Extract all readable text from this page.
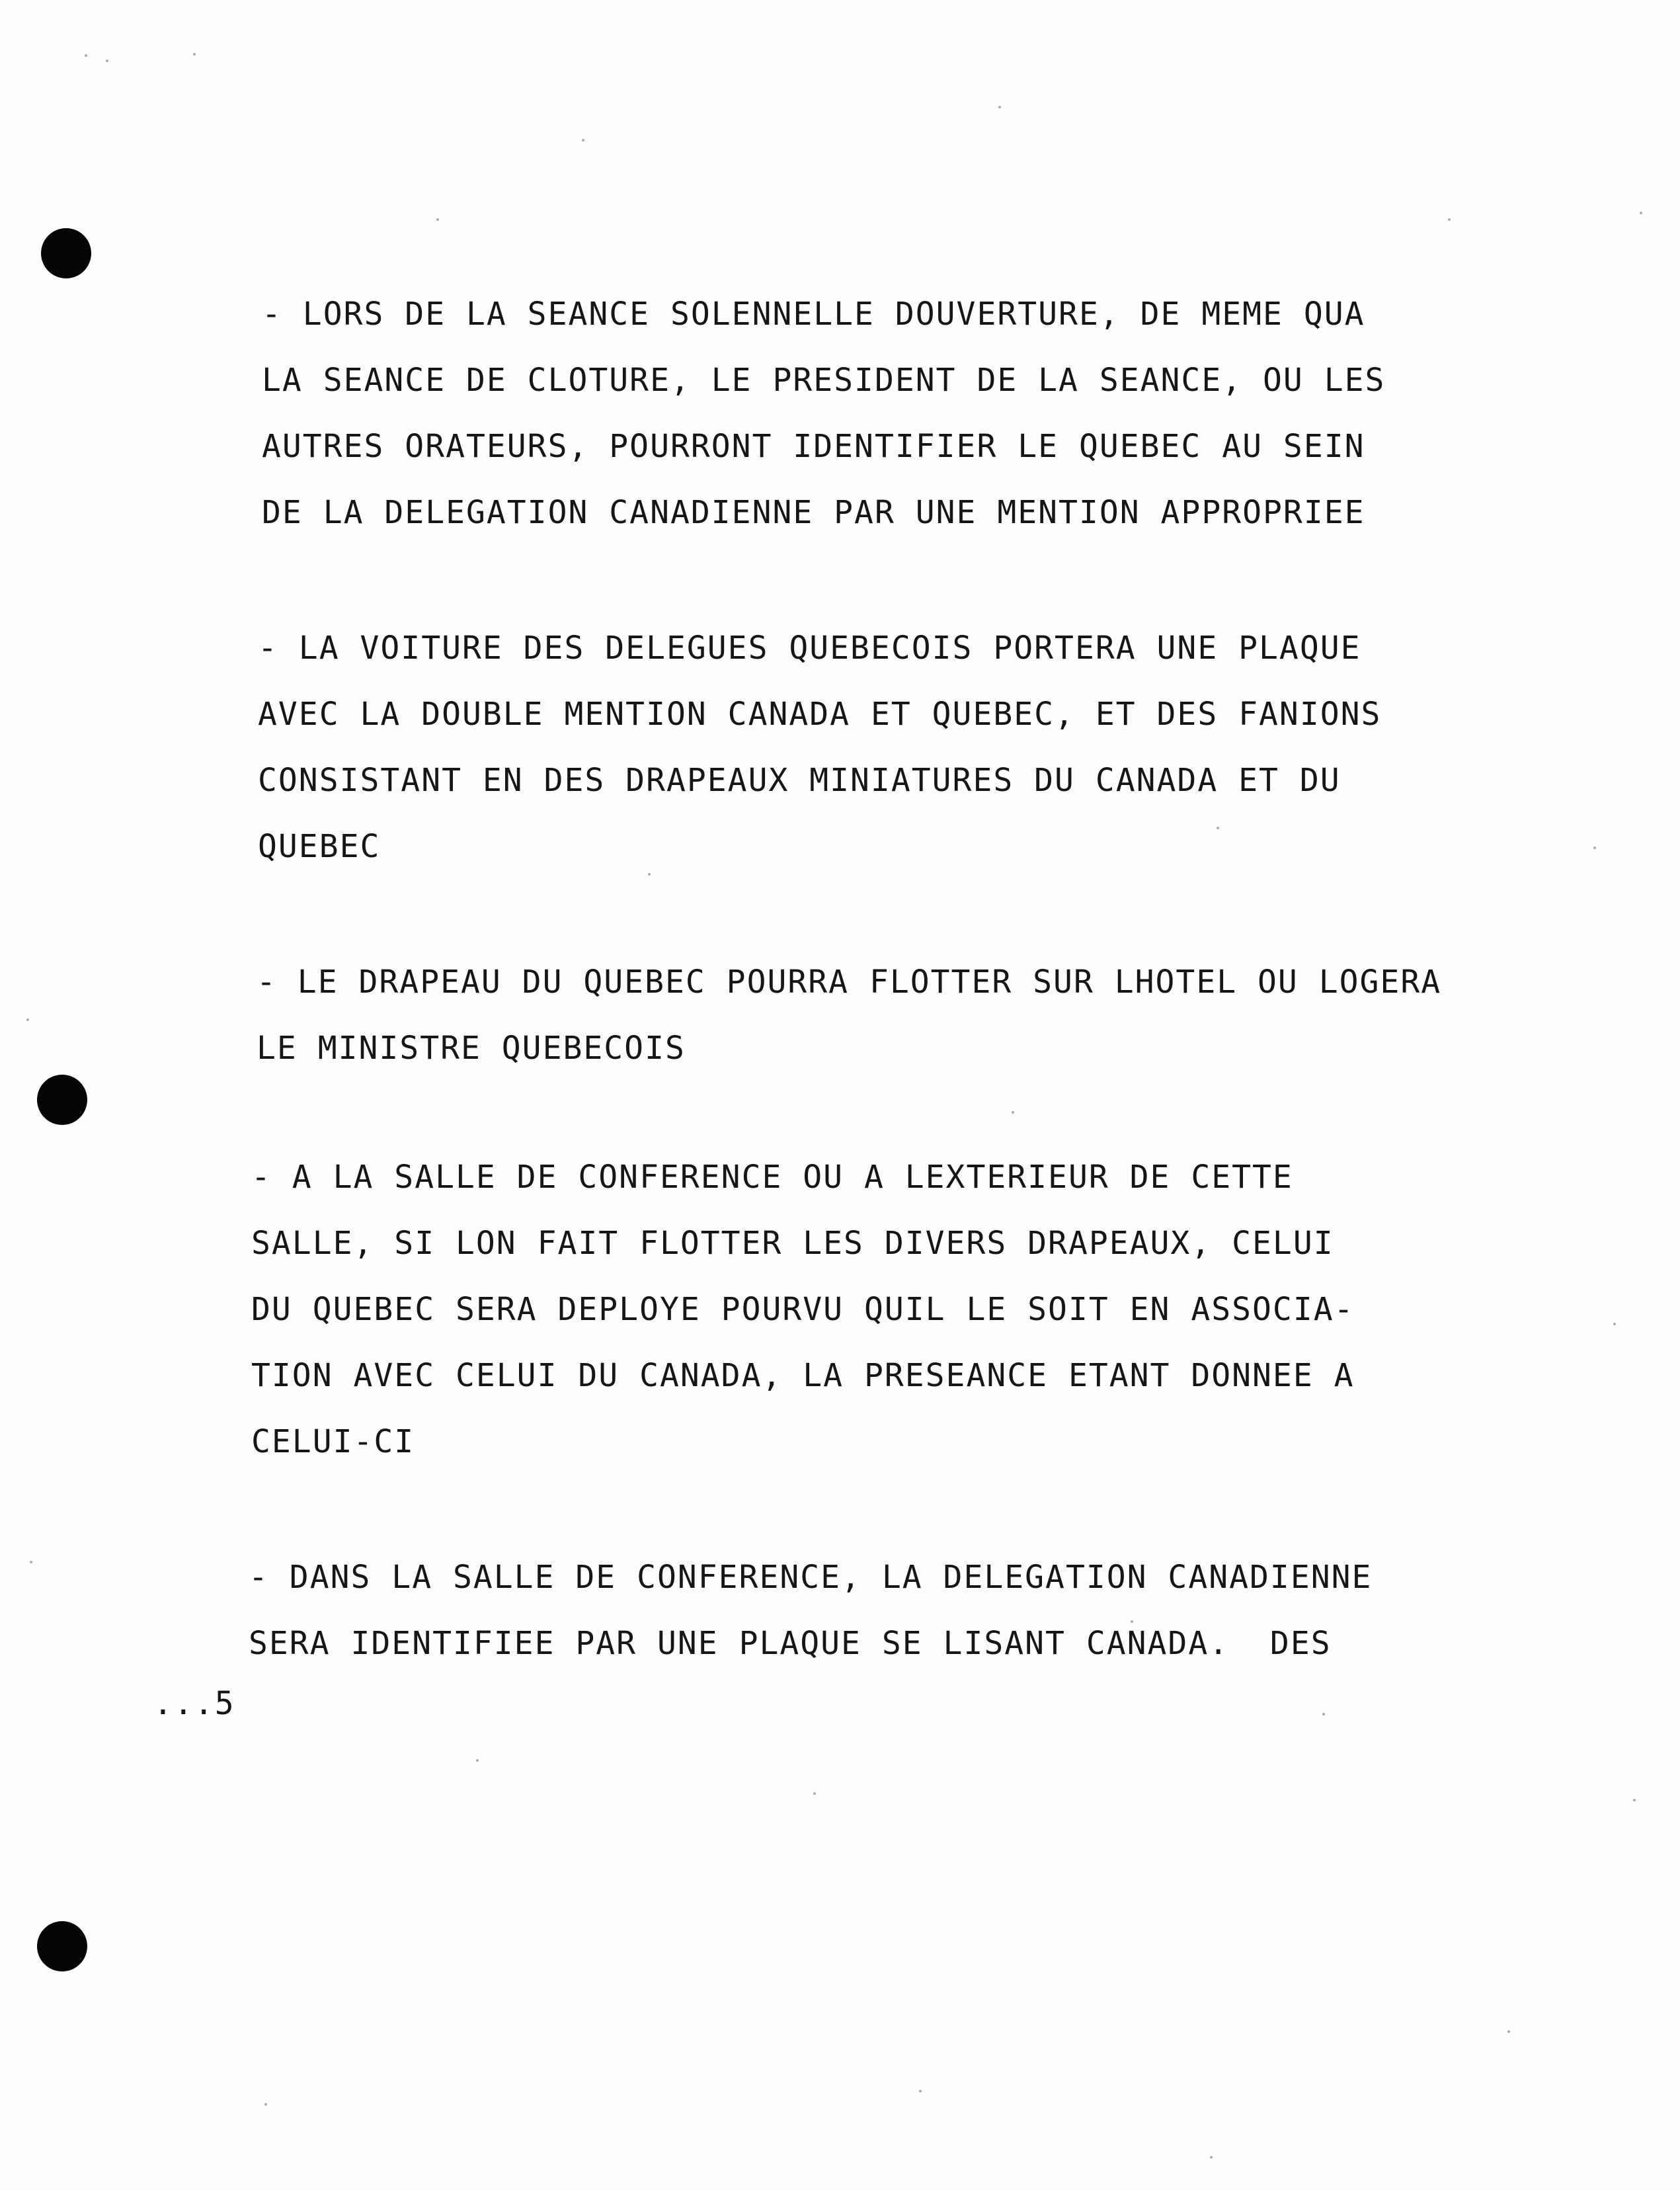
- LORS DE LA SEANCE SOLENNELLE DOUVERTURE, DE MEME QUA
LA SEANCE DE CLOTURE, LE PRESIDENT DE LA SEANCE, OU LES
AUTRES ORATEURS, POURRONT IDENTIFIER LE QUEBEC AU SEIN
DE LA DELEGATION CANADIENNE PAR UNE MENTION APPROPRIEE
- LA VOITURE DES DELEGUES QUEBECOIS PORTERA UNE PLAQUE
AVEC LA DOUBLE MENTION CANADA ET QUEBEC, ET DES FANIONS
CONSISTANT EN DES DRAPEAUX MINIATURES DU CANADA ET DU
QUEBEC
- LE DRAPEAU DU QUEBEC POURRA FLOTTER SUR LHOTEL OU LOGERA
LE MINISTRE QUEBECOIS
- A LA SALLE DE CONFERENCE OU A LEXTERIEUR DE CETTE
SALLE, SI LON FAIT FLOTTER LES DIVERS DRAPEAUX, CELUI
DU QUEBEC SERA DEPLOYE POURVU QUIL LE SOIT EN ASSOCIA-
TION AVEC CELUI DU CANADA, LA PRESEANCE ETANT DONNEE A
CELUI-CI
- DANS LA SALLE DE CONFERENCE, LA DELEGATION CANADIENNE
SERA IDENTIFIEE PAR UNE PLAQUE SE LISANT CANADA.  DES
...5
